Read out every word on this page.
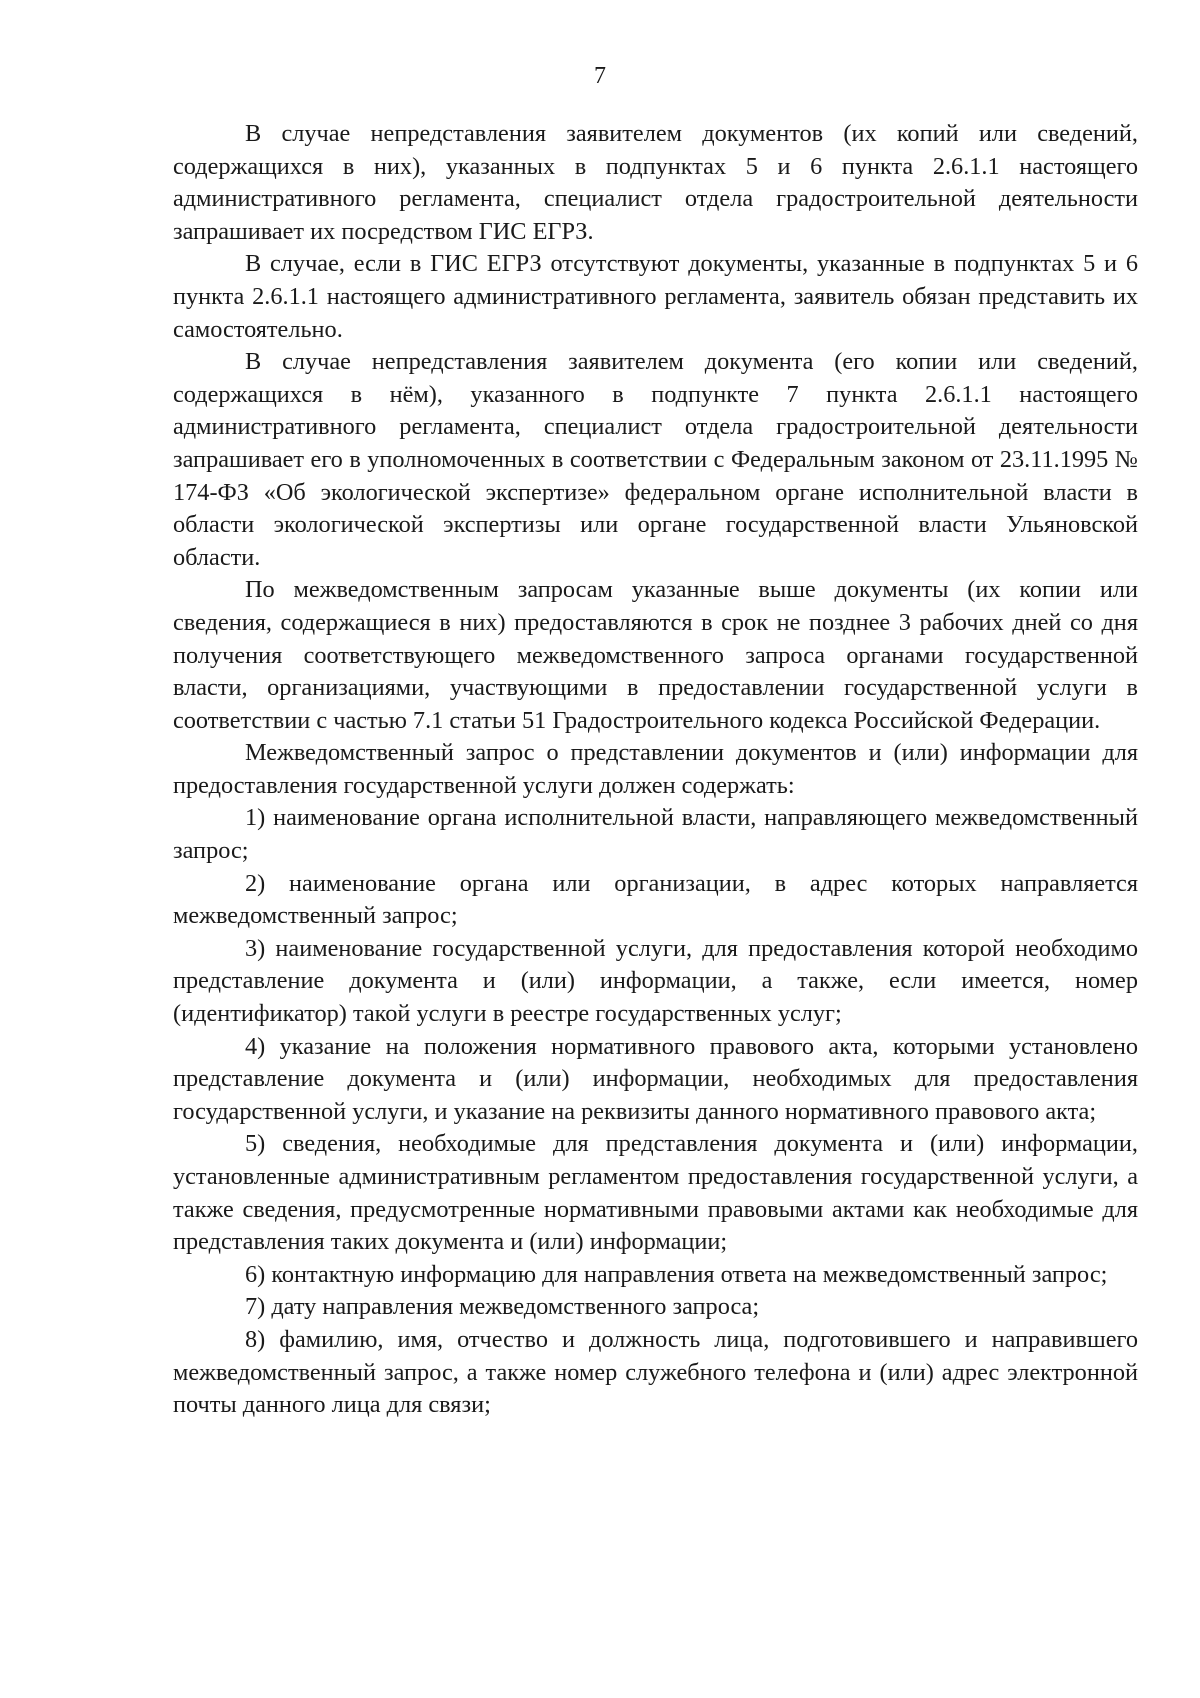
7

В случае непредставления заявителем документов (их копий или сведений, содержащихся в них), указанных в подпунктах 5 и 6 пункта 2.6.1.1 настоящего административного регламента, специалист отдела градостроительной деятельности запрашивает их посредством ГИС ЕГРЗ.

В случае, если в ГИС ЕГРЗ отсутствуют документы, указанные в подпунктах 5 и 6 пункта 2.6.1.1 настоящего административного регламента, заявитель обязан представить их самостоятельно.

В случае непредставления заявителем документа (его копии или сведений, содержащихся в нём), указанного в подпункте 7 пункта 2.6.1.1 настоящего административного регламента, специалист отдела градостроительной деятельности запрашивает его в уполномоченных в соответствии с Федеральным законом от 23.11.1995 № 174-ФЗ «Об экологической экспертизе» федеральном органе исполнительной власти в области экологической экспертизы или органе государственной власти Ульяновской области.

По межведомственным запросам указанные выше документы (их копии или сведения, содержащиеся в них) предоставляются в срок не позднее 3 рабочих дней со дня получения соответствующего межведомственного запроса органами государственной власти, организациями, участвующими в предоставлении государственной услуги в соответствии с частью 7.1 статьи 51 Градостроительного кодекса Российской Федерации.

Межведомственный запрос о представлении документов и (или) информации для предоставления государственной услуги должен содержать:

1) наименование органа исполнительной власти, направляющего межведомственный запрос;

2) наименование органа или организации, в адрес которых направляется межведомственный запрос;

3) наименование государственной услуги, для предоставления которой необходимо представление документа и (или) информации, а также, если имеется, номер (идентификатор) такой услуги в реестре государственных услуг;

4) указание на положения нормативного правового акта, которыми установлено представление документа и (или) информации, необходимых для предоставления государственной услуги, и указание на реквизиты данного нормативного правового акта;

5) сведения, необходимые для представления документа и (или) информации, установленные административным регламентом предоставления государственной услуги, а также сведения, предусмотренные нормативными правовыми актами как необходимые для представления таких документа и (или) информации;

6) контактную информацию для направления ответа на межведомственный запрос;

7) дату направления межведомственного запроса;

8) фамилию, имя, отчество и должность лица, подготовившего и направившего межведомственный запрос, а также номер служебного телефона и (или) адрес электронной почты данного лица для связи;
